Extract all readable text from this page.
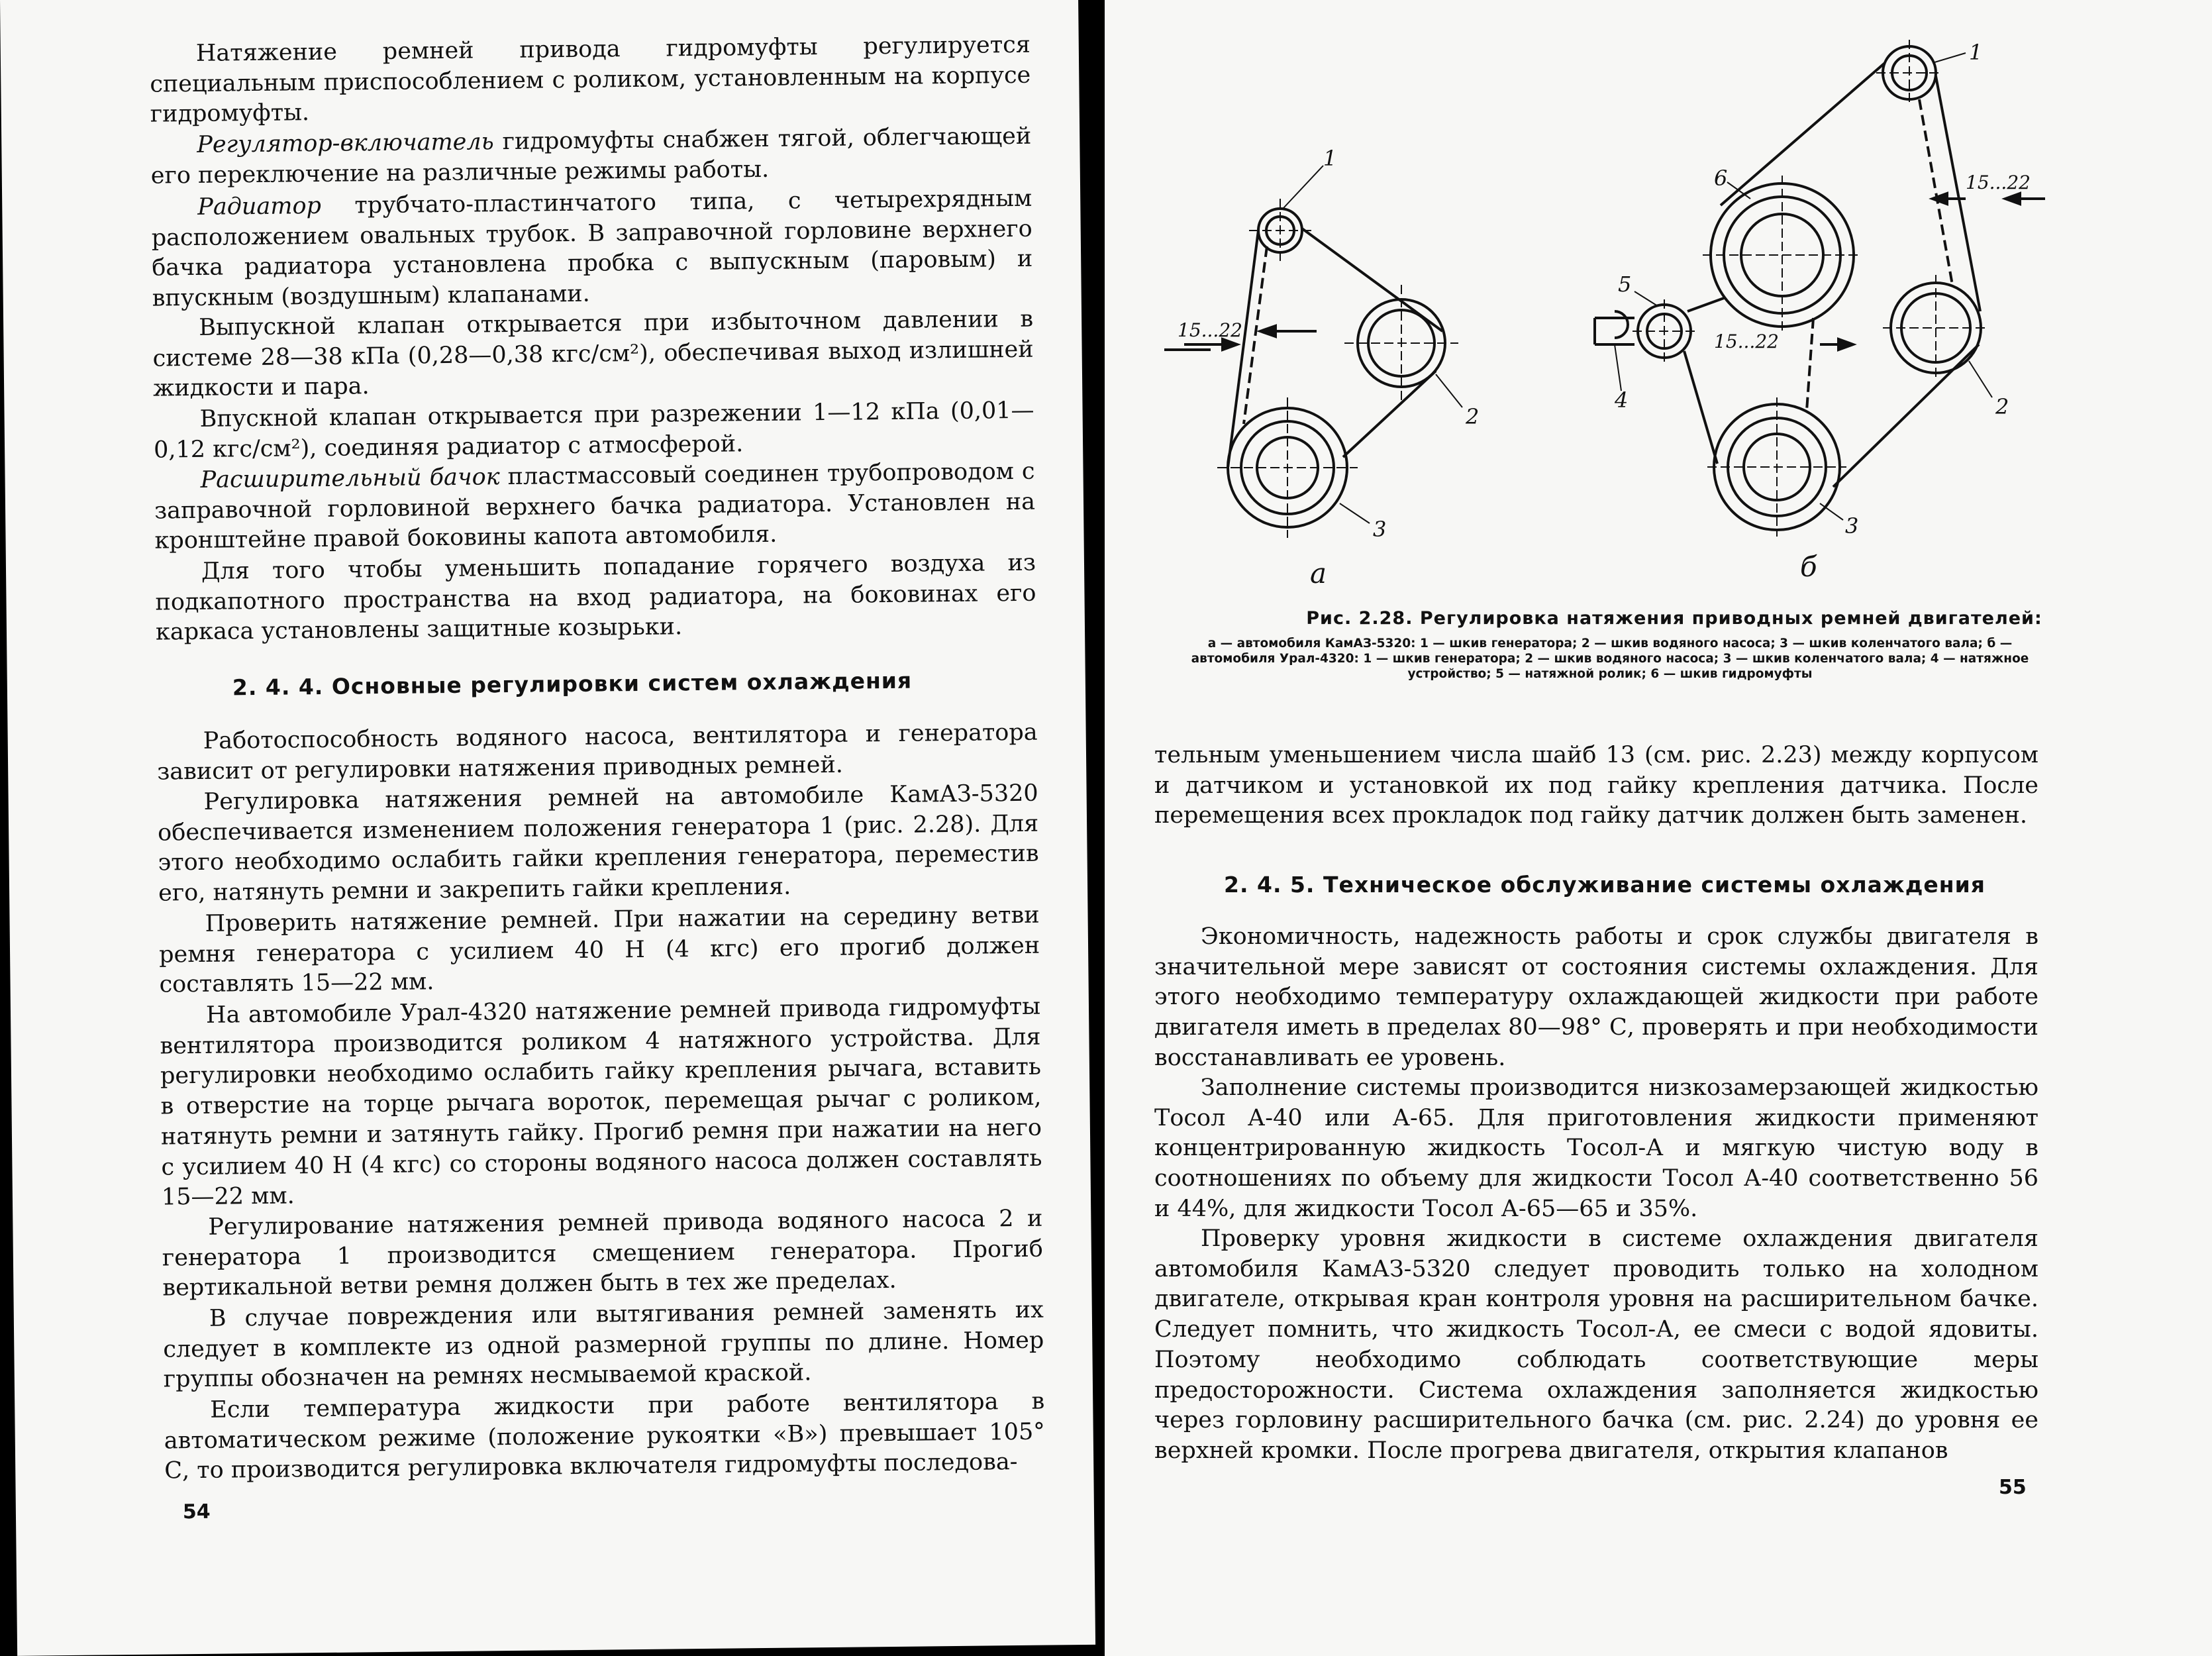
Натяжение ремней привода гидромуфты регулируется специальным приспособлением с роликом, установленным на корпусе гидромуфты.

Регулятор-включатель гидромуфты снабжен тягой, облегчающей его переключение на различные режимы работы.

Радиатор трубчато-пластинчатого типа, с четырехрядным расположением овальных трубок. В заправочной горловине верхнего бачка радиатора установлена пробка с выпускным (паровым) и впускным (воздушным) клапанами.

Выпускной клапан открывается при избыточном давлении в системе 28—38 кПа (0,28—0,38 кгс/см²), обеспечивая выход излишней жидкости и пара.

Впускной клапан открывается при разрежении 1—12 кПа (0,01—0,12 кгс/см²), соединяя радиатор с атмосферой.

Расширительный бачок пластмассовый соединен трубопроводом с заправочной горловиной верхнего бачка радиатора. Установлен на кронштейне правой боковины капота автомобиля.

Для того чтобы уменьшить попадание горячего воздуха из подкапотного пространства на вход радиатора, на боковинах его каркаса установлены защитные козырьки.

2. 4. 4. Основные регулировки систем охлаждения

Работоспособность водяного насоса, вентилятора и генератора зависит от регулировки натяжения приводных ремней.

Регулировка натяжения ремней на автомобиле КамАЗ-5320 обеспечивается изменением положения генератора 1 (рис. 2.28). Для этого необходимо ослабить гайки крепления генератора, переместив его, натянуть ремни и закрепить гайки крепления.

Проверить натяжение ремней. При нажатии на середину ветви ремня генератора с усилием 40 Н (4 кгс) его прогиб должен составлять 15—22 мм.

На автомобиле Урал-4320 натяжение ремней привода гидромуфты вентилятора производится роликом 4 натяжного устройства. Для регулировки необходимо ослабить гайку крепления рычага, вставить в отверстие на торце рычага вороток, перемещая рычаг с роликом, натянуть ремни и затянуть гайку. Прогиб ремня при нажатии на него с усилием 40 Н (4 кгс) со стороны водяного насоса должен составлять 15—22 мм.

Регулирование натяжения ремней привода водяного насоса 2 и генератора 1 производится смещением генератора. Прогиб вертикальной ветви ремня должен быть в тех же пределах.

В случае повреждения или вытягивания ремней заменять их следует в комплекте из одной размерной группы по длине. Номер группы обозначен на ремнях несмываемой краской.

Если температура жидкости при работе вентилятора в автоматическом режиме (положение рукоятки «В») превышает 105° С, то производится регулировка включателя гидромуфты последова-

54

1
2
3
1
2
3
4
5
6
15...22
15...22
15...22
а	б

Рис. 2.28. Регулировка натяжения приводных ремней двигателей:

а — автомобиля КамАЗ-5320: 1 — шкив генератора; 2 — шкив водяного насоса; 3 — шкив коленчатого вала; б — автомобиля Урал-4320: 1 — шкив генератора; 2 — шкив водяного насоса; 3 — шкив коленчатого вала; 4 — натяжное устройство; 5 — натяжной ролик; 6 — шкив гидромуфты

тельным уменьшением числа шайб 13 (см. рис. 2.23) между корпусом и датчиком и установкой их под гайку крепления датчика. После перемещения всех прокладок под гайку датчик должен быть заменен.

2. 4. 5. Техническое обслуживание системы охлаждения

Экономичность, надежность работы и срок службы двигателя в значительной мере зависят от состояния системы охлаждения. Для этого необходимо температуру охлаждающей жидкости при работе двигателя иметь в пределах 80—98° С, проверять и при необходимости восстанавливать ее уровень.

Заполнение системы производится низкозамерзающей жидкостью Тосол А-40 или А-65. Для приготовления жидкости применяют концентрированную жидкость Тосол-А и мягкую чистую воду в соотношениях по объему для жидкости Тосол А-40 соответственно 56 и 44%, для жидкости Тосол А-65—65 и 35%.

Проверку уровня жидкости в системе охлаждения двигателя автомобиля КамАЗ-5320 следует проводить только на холодном двигателе, открывая кран контроля уровня на расширительном бачке. Следует помнить, что жидкость Тосол-А, ее смеси с водой ядовиты. Поэтому необходимо соблюдать соответствующие меры предосторожности. Система охлаждения заполняется жидкостью через горловину расширительного бачка (см. рис. 2.24) до уровня ее верхней кромки. После прогрева двигателя, открытия клапанов

55
